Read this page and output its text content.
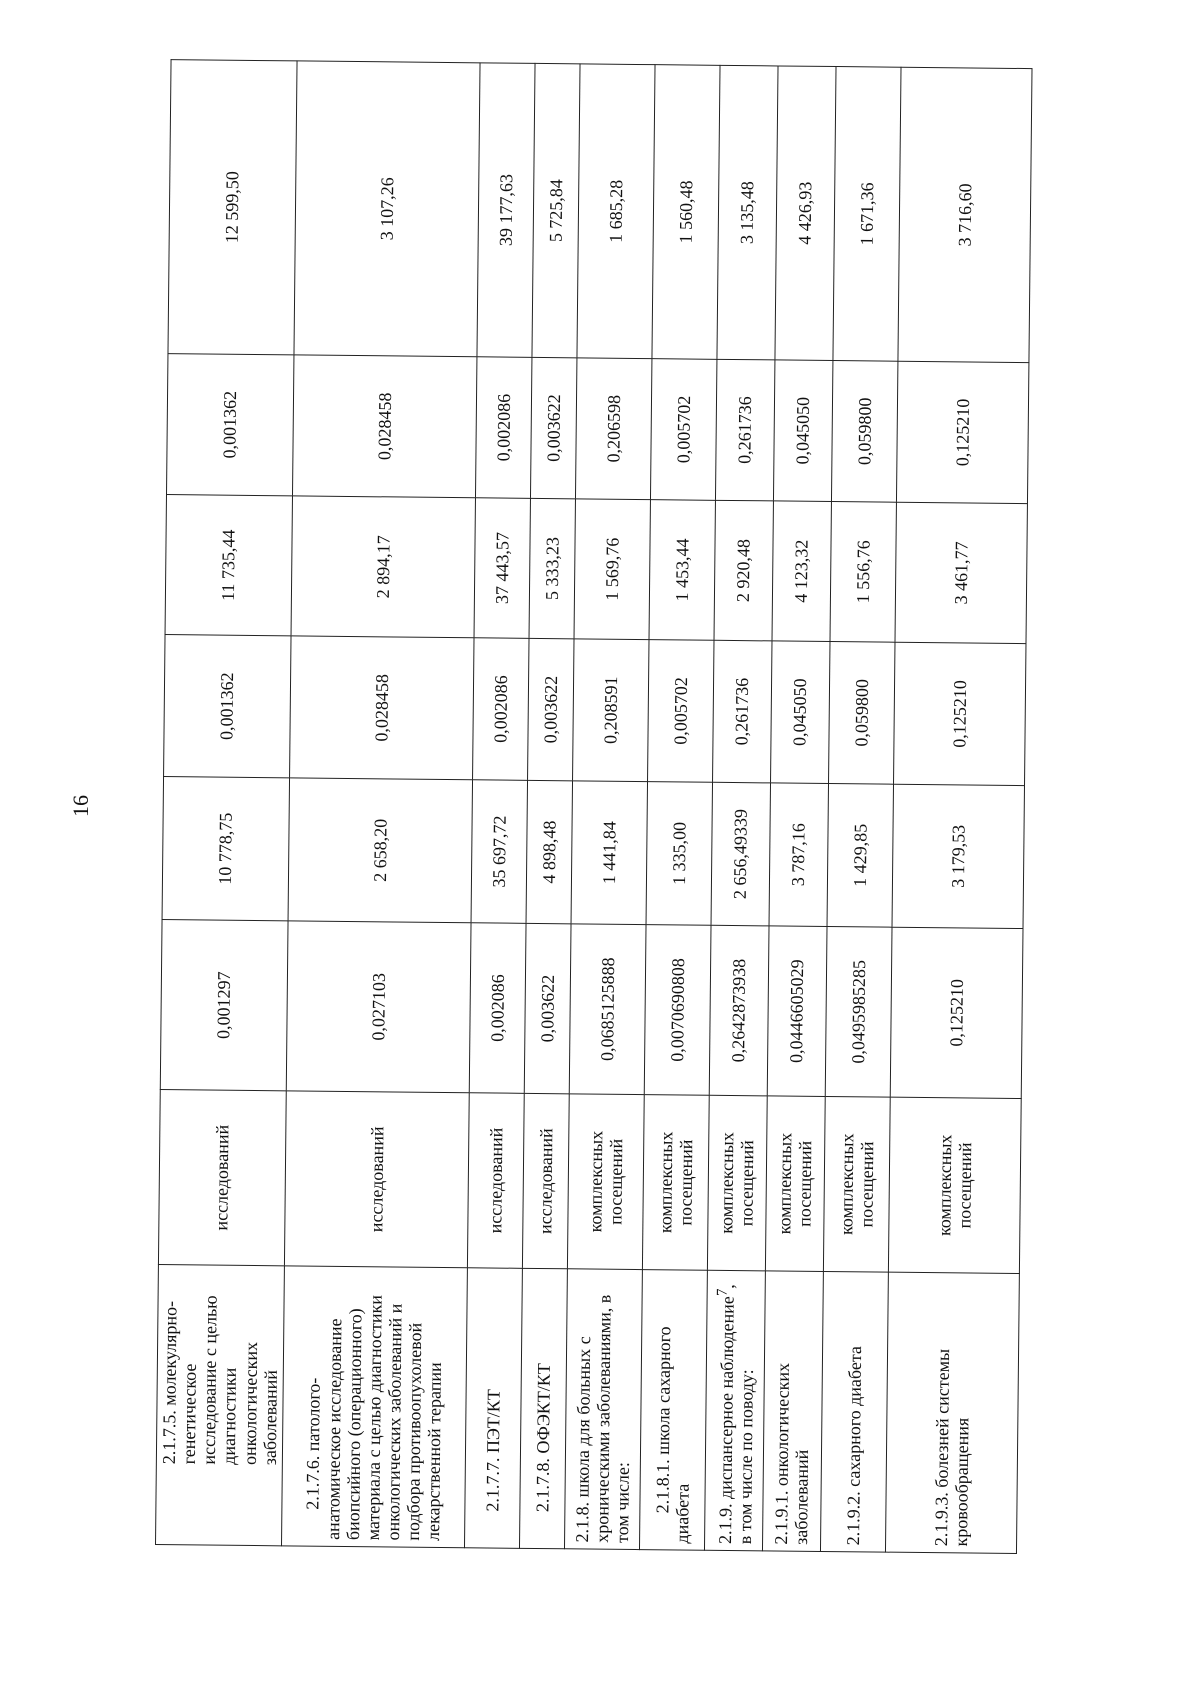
16
2.1.7.5. молекулярно-генетическое исследование с целью диагностики онкологических заболеваний	исследований	0,001297	10 778,75	0,001362	11 735,44	0,001362	12 599,50
2.1.7.6. патолого-анатомическое исследование биопсийного (операционного) материала с целью диагностики онкологических заболеваний и подбора противоопухолевой лекарственной терапии	исследований	0,027103	2 658,20	0,028458	2 894,17	0,028458	3 107,26
2.1.7.7. ПЭТ/КТ	исследований	0,002086	35 697,72	0,002086	37 443,57	0,002086	39 177,63
2.1.7.8. ОФЭКТ/КТ	исследований	0,003622	4 898,48	0,003622	5 333,23	0,003622	5 725,84
2.1.8. школа для больных с хроническими заболеваниями, в том числе:	комплексных посещений	0,0685125888	1 441,84	0,208591	1 569,76	0,206598	1 685,28
2.1.8.1. школа сахарного диабета	комплексных посещений	0,0070690808	1 335,00	0,005702	1 453,44	0,005702	1 560,48
2.1.9. диспансерное наблюдение$^7$, в том числе по поводу:	комплексных посещений	0,2642873938	2 656,49339	0,261736	2 920,48	0,261736	3 135,48
2.1.9.1. онкологических заболеваний	комплексных посещений	0,0446605029	3 787,16	0,045050	4 123,32	0,045050	4 426,93
2.1.9.2. сахарного диабета	комплексных посещений	0,0495985285	1 429,85	0,059800	1 556,76	0,059800	1 671,36
2.1.9.3. болезней системы кровообращения	комплексных посещений	0,125210	3 179,53	0,125210	3 461,77	0,125210	3 716,60
